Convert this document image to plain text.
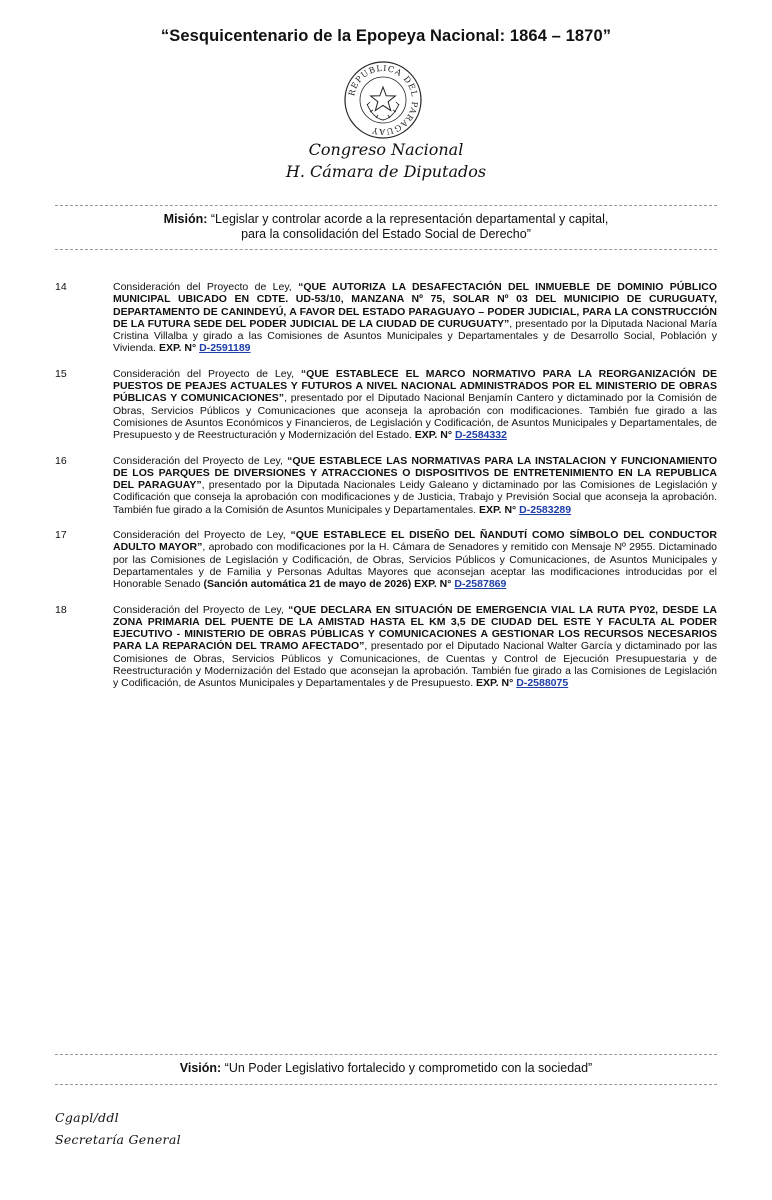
“Sesquicentenario de la Epopeya Nacional: 1864 – 1870”
REPUBLICA DEL PARAGUAY
Congreso Nacional
H. Cámara de Diputados
Misión: “Legislar y controlar acorde a la representación departamental y capital,
para la consolidación del Estado Social de Derecho”
14	Consideración del Proyecto de Ley, “QUE AUTORIZA LA DESAFECTACIÓN DEL INMUEBLE DE DOMINIO PÚBLICO MUNICIPAL UBICADO EN CDTE. UD-53/10, MANZANA Nº 75, SOLAR Nº 03 DEL MUNICIPIO DE CURUGUATY, DEPARTAMENTO DE CANINDEYÚ, A FAVOR DEL ESTADO PARAGUAYO – PODER JUDICIAL, PARA LA CONSTRUCCIÓN DE LA FUTURA SEDE DEL PODER JUDICIAL DE LA CIUDAD DE CURUGUATY”, presentado por la Diputada Nacional María Cristina Villalba y girado a las Comisiones de Asuntos Municipales y Departamentales y de Desarrollo Social, Población y Vivienda. EXP. N° D-2591189
15	Consideración del Proyecto de Ley, “QUE ESTABLECE EL MARCO NORMATIVO PARA LA REORGANIZACIÓN DE PUESTOS DE PEAJES ACTUALES Y FUTUROS A NIVEL NACIONAL ADMINISTRADOS POR EL MINISTERIO DE OBRAS PÚBLICAS Y COMUNICACIONES”, presentado por el Diputado Nacional Benjamín Cantero y dictaminado por la Comisión de Obras, Servicios Públicos y Comunicaciones que aconseja la aprobación con modificaciones. También fue girado a las Comisiones de Asuntos Económicos y Financieros, de Legislación y Codificación, de Asuntos Municipales y Departamentales, de Presupuesto y de Reestructuración y Modernización del Estado. EXP. N° D-2584332
16	Consideración del Proyecto de Ley, “QUE ESTABLECE LAS NORMATIVAS PARA LA INSTALACION Y FUNCIONAMIENTO DE LOS PARQUES DE DIVERSIONES Y ATRACCIONES O DISPOSITIVOS DE ENTRETENIMIENTO EN LA REPUBLICA DEL PARAGUAY”, presentado por la Diputada Nacionales Leidy Galeano y dictaminado por las Comisiones de Legislación y Codificación que conseja la aprobación con modificaciones y de Justicia, Trabajo y Previsión Social que aconseja la aprobación. También fue girado a la Comisión de Asuntos Municipales y Departamentales. EXP. N° D-2583289
17	Consideración del Proyecto de Ley, “QUE ESTABLECE EL DISEÑO DEL ÑANDUTÍ COMO SÍMBOLO DEL CONDUCTOR ADULTO MAYOR”, aprobado con modificaciones por la H. Cámara de Senadores y remitido con Mensaje Nº 2955. Dictaminado por las Comisiones de Legislación y Codificación, de Obras, Servicios Públicos y Comunicaciones, de Asuntos Municipales y Departamentales y de Familia y Personas Adultas Mayores que aconsejan aceptar las modificaciones introducidas por el Honorable Senado (Sanción automática 21 de mayo de 2026) EXP. N° D-2587869
18	Consideración del Proyecto de Ley, “QUE DECLARA EN SITUACIÓN DE EMERGENCIA VIAL LA RUTA PY02, DESDE LA ZONA PRIMARIA DEL PUENTE DE LA AMISTAD HASTA EL KM 3,5 DE CIUDAD DEL ESTE Y FACULTA AL PODER EJECUTIVO - MINISTERIO DE OBRAS PÚBLICAS Y COMUNICACIONES A GESTIONAR LOS RECURSOS NECESARIOS PARA LA REPARACIÓN DEL TRAMO AFECTADO”, presentado por el Diputado Nacional Walter García y dictaminado por las Comisiones de Obras, Servicios Públicos y Comunicaciones, de Cuentas y Control de Ejecución Presupuestaria y de Reestructuración y Modernización del Estado que aconsejan la aprobación. También fue girado a las Comisiones de Legislación y Codificación, de Asuntos Municipales y Departamentales y de Presupuesto. EXP. N° D-2588075
Visión: “Un Poder Legislativo fortalecido y comprometido con la sociedad”
Cgapl/ddl
Secretaría General
